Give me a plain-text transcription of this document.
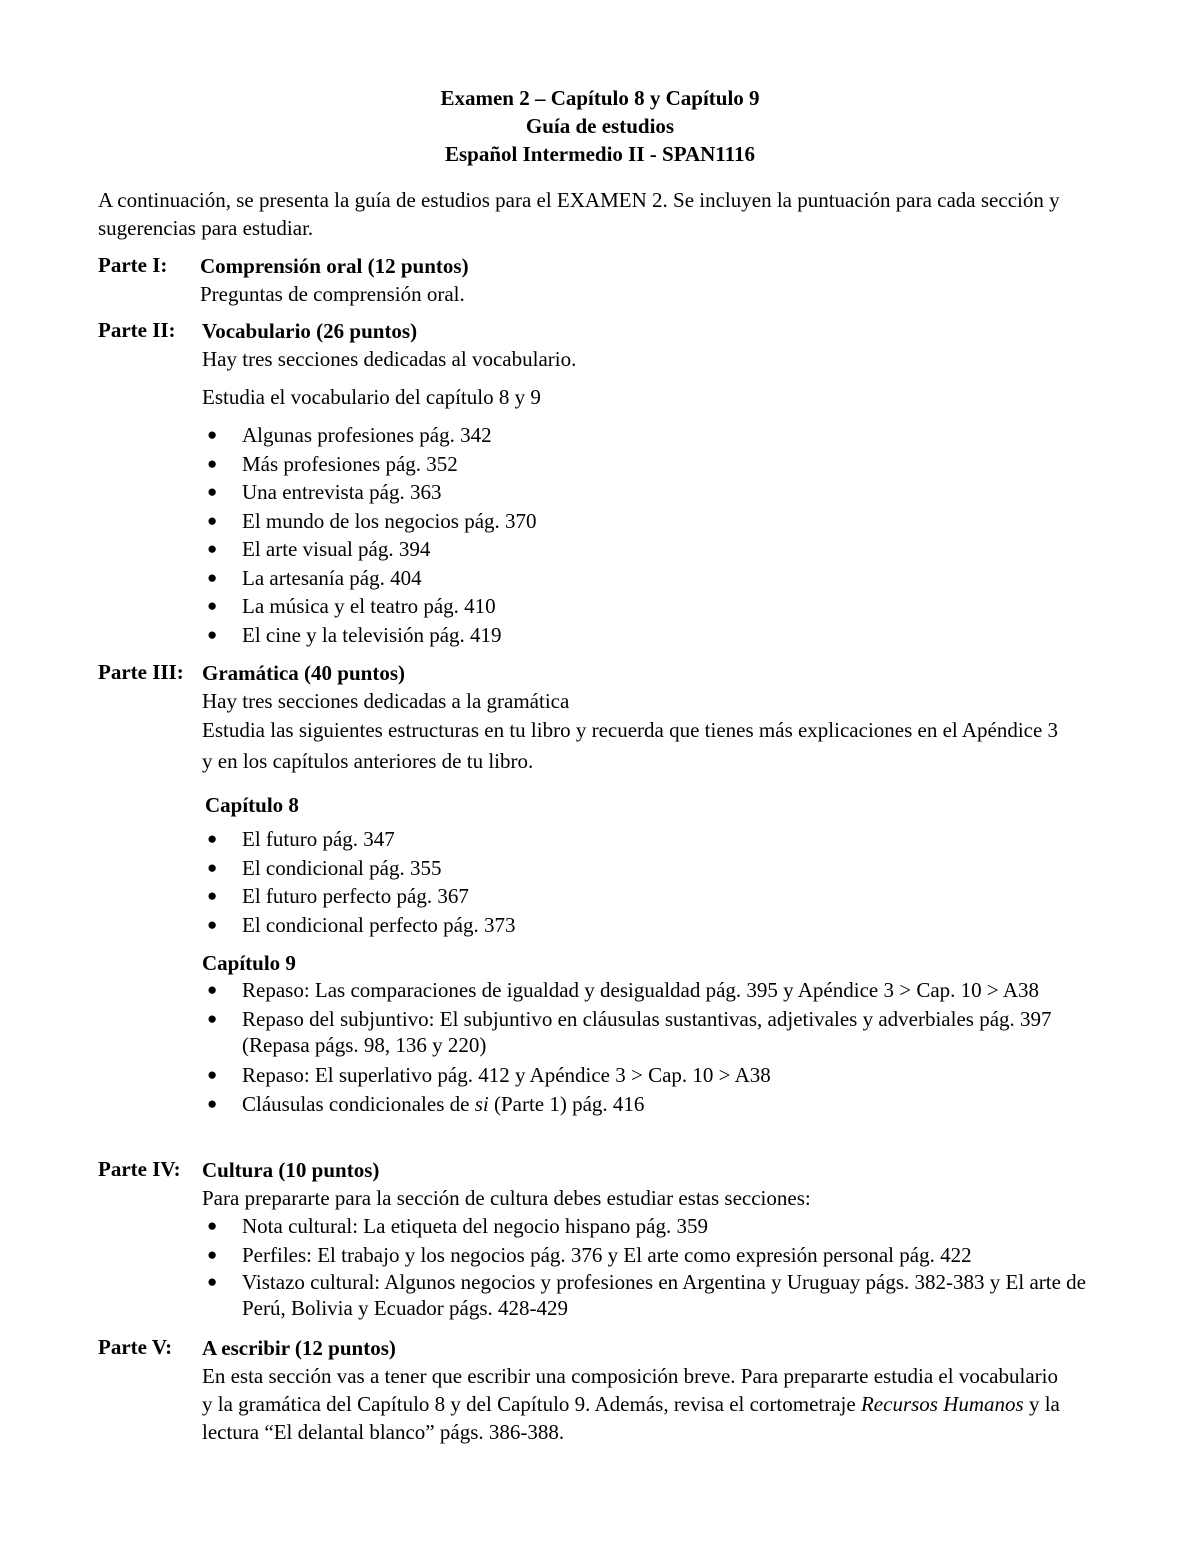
Examen 2 – Capítulo 8 y Capítulo 9
Guía de estudios
Español Intermedio II - SPAN1116
A continuación, se presenta la guía de estudios para el EXAMEN 2. Se incluyen la puntuación para cada sección y sugerencias para estudiar.
Parte I: Comprensión oral (12 puntos)
Preguntas de comprensión oral.
Parte II: Vocabulario (26 puntos)
Hay tres secciones dedicadas al vocabulario.
Estudia el vocabulario del capítulo 8 y 9
● Algunas profesiones pág. 342
● Más profesiones pág. 352
● Una entrevista pág. 363
● El mundo de los negocios pág. 370
● El arte visual pág. 394
● La artesanía pág. 404
● La música y el teatro pág. 410
● El cine y la televisión pág. 419
Parte III: Gramática (40 puntos)
Hay tres secciones dedicadas a la gramática
Estudia las siguientes estructuras en tu libro y recuerda que tienes más explicaciones en el Apéndice 3 y en los capítulos anteriores de tu libro.
Capítulo 8
● El futuro pág. 347
● El condicional pág. 355
● El futuro perfecto pág. 367
● El condicional perfecto pág. 373
Capítulo 9
● Repaso: Las comparaciones de igualdad y desigualdad pág. 395 y Apéndice 3 > Cap. 10 > A38
● Repaso del subjuntivo: El subjuntivo en cláusulas sustantivas, adjetivales y adverbiales pág. 397 (Repasa págs. 98, 136 y 220)
● Repaso: El superlativo pág. 412 y Apéndice 3 > Cap. 10 > A38
● Cláusulas condicionales de si (Parte 1) pág. 416
Parte IV: Cultura (10 puntos)
Para prepararte para la sección de cultura debes estudiar estas secciones:
● Nota cultural: La etiqueta del negocio hispano pág. 359
● Perfiles: El trabajo y los negocios pág. 376 y El arte como expresión personal pág. 422
● Vistazo cultural: Algunos negocios y profesiones en Argentina y Uruguay págs. 382-383 y El arte de Perú, Bolivia y Ecuador págs. 428-429
Parte V: A escribir (12 puntos)
En esta sección vas a tener que escribir una composición breve. Para prepararte estudia el vocabulario y la gramática del Capítulo 8 y del Capítulo 9. Además, revisa el cortometraje Recursos Humanos y la lectura “El delantal blanco” págs. 386-388.
